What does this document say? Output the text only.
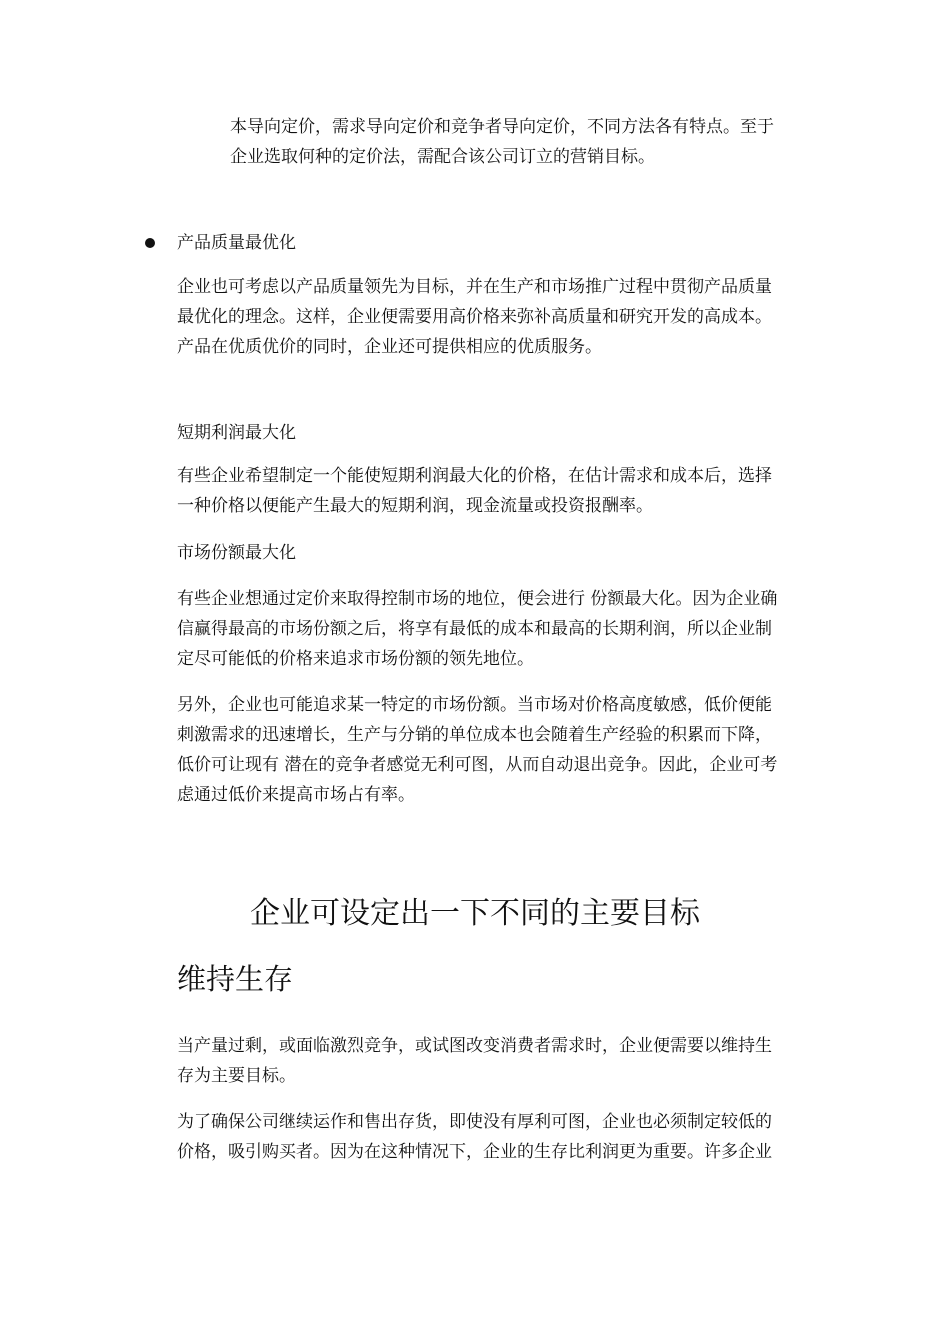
本导向定价，需求导向定价和竞争者导向定价，不同方法各有特点。至于
企业选取何种的定价法，需配合该公司订立的营销目标。
产品质量最优化
企业也可考虑以产品质量领先为目标，并在生产和市场推广过程中贯彻产品质量
最优化的理念。这样，企业便需要用高价格来弥补高质量和研究开发的高成本。
产品在优质优价的同时，企业还可提供相应的优质服务。
短期利润最大化
有些企业希望制定一个能使短期利润最大化的价格，在估计需求和成本后，选择
一种价格以便能产生最大的短期利润，现金流量或投资报酬率。
市场份额最大化
有些企业想通过定价来取得控制市场的地位，便会进行 份额最大化。因为企业确
信赢得最高的市场份额之后，将享有最低的成本和最高的长期利润，所以企业制
定尽可能低的价格来追求市场份额的领先地位。
另外，企业也可能追求某一特定的市场份额。当市场对价格高度敏感，低价便能
刺激需求的迅速增长，生产与分销的单位成本也会随着生产经验的积累而下降，
低价可让现有 潜在的竞争者感觉无利可图，从而自动退出竞争。因此，企业可考
虑通过低价来提高市场占有率。
企业可设定出一下不同的主要目标
维持生存
当产量过剩，或面临激烈竞争，或试图改变消费者需求时，企业便需要以维持生
存为主要目标。
为了确保公司继续运作和售出存货，即使没有厚利可图，企业也必须制定较低的
价格，吸引购买者。因为在这种情况下，企业的生存比利润更为重要。许多企业
